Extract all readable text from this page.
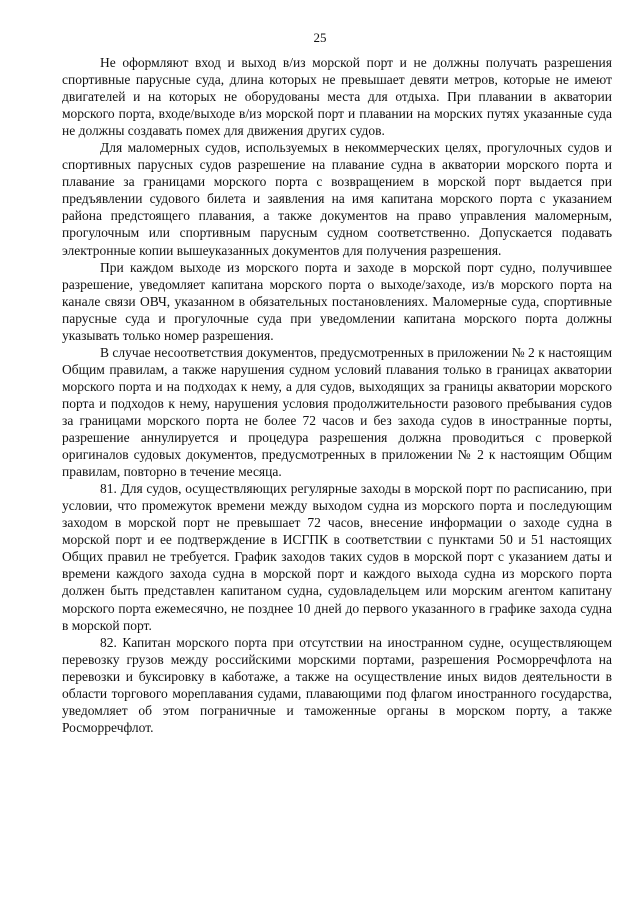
25

Не оформляют вход и выход в/из морской порт и не должны получать разрешения спортивные парусные суда, длина которых не превышает девяти метров, которые не имеют двигателей и на которых не оборудованы места для отдыха. При плавании в акватории морского порта, входе/выходе в/из морской порт и плавании на морских путях указанные суда не должны создавать помех для движения других судов.

Для маломерных судов, используемых в некоммерческих целях, прогулочных судов и спортивных парусных судов разрешение на плавание судна в акватории морского порта и плавание за границами морского порта с возвращением в морской порт выдается при предъявлении судового билета и заявления на имя капитана морского порта с указанием района предстоящего плавания, а также документов на право управления маломерным, прогулочным или спортивным парусным судном соответственно. Допускается подавать электронные копии вышеуказанных документов для получения разрешения.

При каждом выходе из морского порта и заходе в морской порт судно, получившее разрешение, уведомляет капитана морского порта о выходе/заходе, из/в морского порта на канале связи ОВЧ, указанном в обязательных постановлениях. Маломерные суда, спортивные парусные суда и прогулочные суда при уведомлении капитана морского порта должны указывать только номер разрешения.

В случае несоответствия документов, предусмотренных в приложении № 2 к настоящим Общим правилам, а также нарушения судном условий плавания только в границах акватории морского порта и на подходах к нему, а для судов, выходящих за границы акватории морского порта и подходов к нему, нарушения условия продолжительности разового пребывания судов за границами морского порта не более 72 часов и без захода судов в иностранные порты, разрешение аннулируется и процедура разрешения должна проводиться с проверкой оригиналов судовых документов, предусмотренных в приложении № 2 к настоящим Общим правилам, повторно в течение месяца.

81. Для судов, осуществляющих регулярные заходы в морской порт по расписанию, при условии, что промежуток времени между выходом судна из морского порта и последующим заходом в морской порт не превышает 72 часов, внесение информации о заходе судна в морской порт и ее подтверждение в ИСГПК в соответствии с пунктами 50 и 51 настоящих Общих правил не требуется. График заходов таких судов в морской порт с указанием даты и времени каждого захода судна в морской порт и каждого выхода судна из морского порта должен быть представлен капитаном судна, судовладельцем или морским агентом капитану морского порта ежемесячно, не позднее 10 дней до первого указанного в графике захода судна в морской порт.

82. Капитан морского порта при отсутствии на иностранном судне, осуществляющем перевозку грузов между российскими морскими портами, разрешения Росморречфлота на перевозки и буксировку в каботаже, а также на осуществление иных видов деятельности в области торгового мореплавания судами, плавающими под флагом иностранного государства, уведомляет об этом пограничные и таможенные органы в морском порту, а также Росморречфлот.
